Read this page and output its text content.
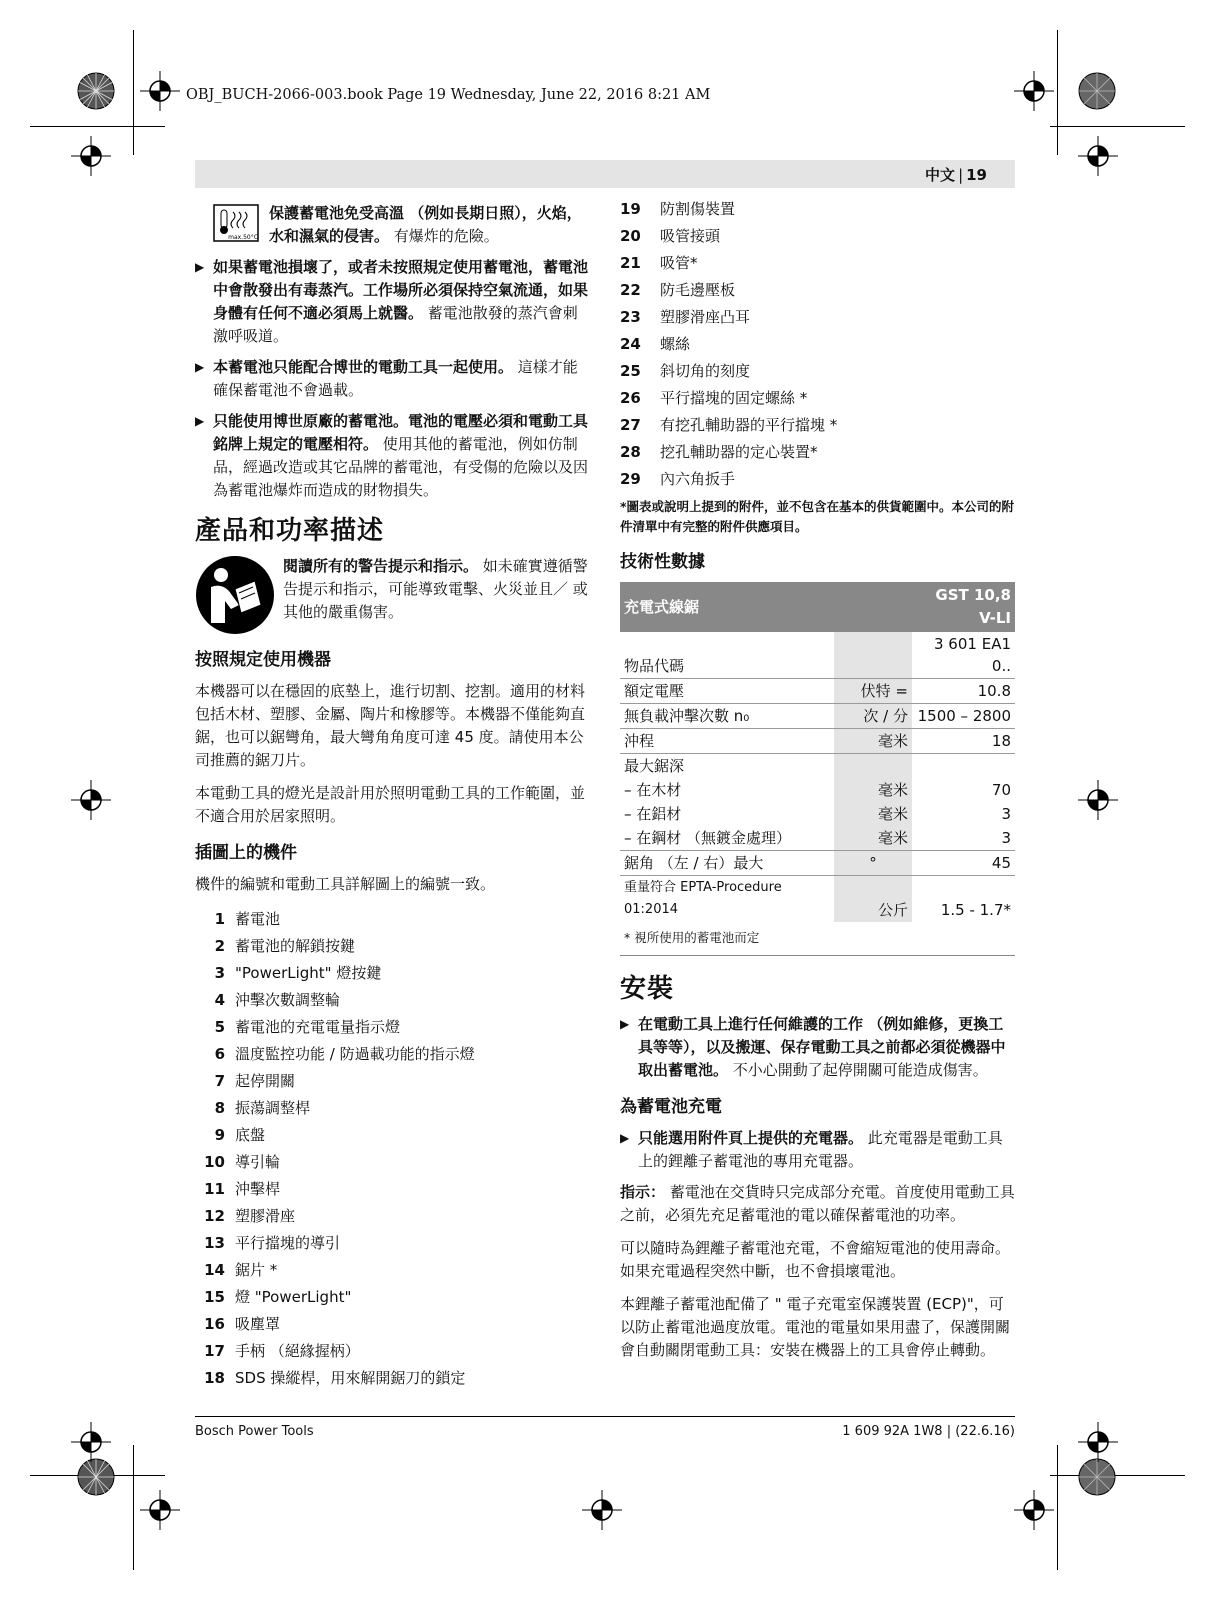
OBJ_BUCH-2066-003.book Page 19 Wednesday, June 22, 2016 8:21 AM
中文 | 19
max.50°C
保護蓄電池免受高溫 （例如長期日照），火焰，水和濕氣的侵害。 有爆炸的危險。
▶ 如果蓄電池損壞了，或者未按照規定使用蓄電池，蓄電池中會散發出有毒蒸汽。工作場所必須保持空氣流通，如果身體有任何不適必須馬上就醫。 蓄電池散發的蒸汽會刺激呼吸道。
▶ 本蓄電池只能配合博世的電動工具一起使用。 這樣才能確保蓄電池不會過載。
▶ 只能使用博世原廠的蓄電池。電池的電壓必須和電動工具銘牌上規定的電壓相符。 使用其他的蓄電池，例如仿制品，經過改造或其它品牌的蓄電池，有受傷的危險以及因為蓄電池爆炸而造成的財物損失。
產品和功率描述
閱讀所有的警告提示和指示。 如未確實遵循警告提示和指示，可能導致電擊、火災並且／ 或其他的嚴重傷害。
按照規定使用機器

本機器可以在穩固的底墊上，進行切割、挖割。適用的材料包括木材、塑膠、金屬、陶片和橡膠等。本機器不僅能夠直鋸，也可以鋸彎角，最大彎角角度可達 45 度。請使用本公司推薦的鋸刀片。

本電動工具的燈光是設計用於照明電動工具的工作範圍，並不適合用於居家照明。

插圖上的機件

機件的編號和電動工具詳解圖上的編號一致。

1 蓄電池
2 蓄電池的解鎖按鍵
3 "PowerLight" 燈按鍵
4 沖擊次數調整輪
5 蓄電池的充電電量指示燈
6 溫度監控功能 / 防過載功能的指示燈
7 起停開關
8 振蕩調整桿
9 底盤
10 導引輪
11 沖擊桿
12 塑膠滑座
13 平行擋塊的導引
14 鋸片 *
15 燈 "PowerLight"
16 吸塵罩
17 手柄 （絕緣握柄）
18 SDS 操縱桿，用來解開鋸刀的鎖定
19 防割傷裝置
20 吸管接頭
21 吸管*
22 防毛邊壓板
23 塑膠滑座凸耳
24 螺絲
25 斜切角的刻度
26 平行擋塊的固定螺絲 *
27 有挖孔輔助器的平行擋塊 *
28 挖孔輔助器的定心裝置*
29 內六角扳手
*圖表或說明上提到的附件，並不包含在基本的供貨範圍中。本公司的附件清單中有完整的附件供應項目。
技術性數據
充電式線鋸		GST 10,8 V-LI
物品代碼		3 601 EA1 0..
額定電壓	伏特 =	10.8
無負載沖擊次數 n₀	次 / 分	1500 – 2800
沖程	毫米	18
最大鋸深		
– 在木材	毫米	70
– 在鋁材	毫米	3
– 在鋼材 （無鍍金處理）	毫米	3
鋸角 （左 / 右）最大	°	45
重量符合 EPTA-Procedure 01:2014	公斤	1.5 - 1.7*
* 視所使用的蓄電池而定
安裝
▶ 在電動工具上進行任何維護的工作 （例如維修，更換工具等等），以及搬運、保存電動工具之前都必須從機器中取出蓄電池。 不小心開動了起停開關可能造成傷害。
為蓄電池充電
▶ 只能選用附件頁上提供的充電器。 此充電器是電動工具上的鋰離子蓄電池的專用充電器。

指示： 蓄電池在交貨時只完成部分充電。首度使用電動工具之前，必須先充足蓄電池的電以確保蓄電池的功率。

可以隨時為鋰離子蓄電池充電，不會縮短電池的使用壽命。如果充電過程突然中斷，也不會損壞電池。

本鋰離子蓄電池配備了 " 電子充電室保護裝置 (ECP)"，可以防止蓄電池過度放電。電池的電量如果用盡了，保護開關會自動關閉電動工具：安裝在機器上的工具會停止轉動。

Bosch Power Tools	1 609 92A 1W8 | (22.6.16)
